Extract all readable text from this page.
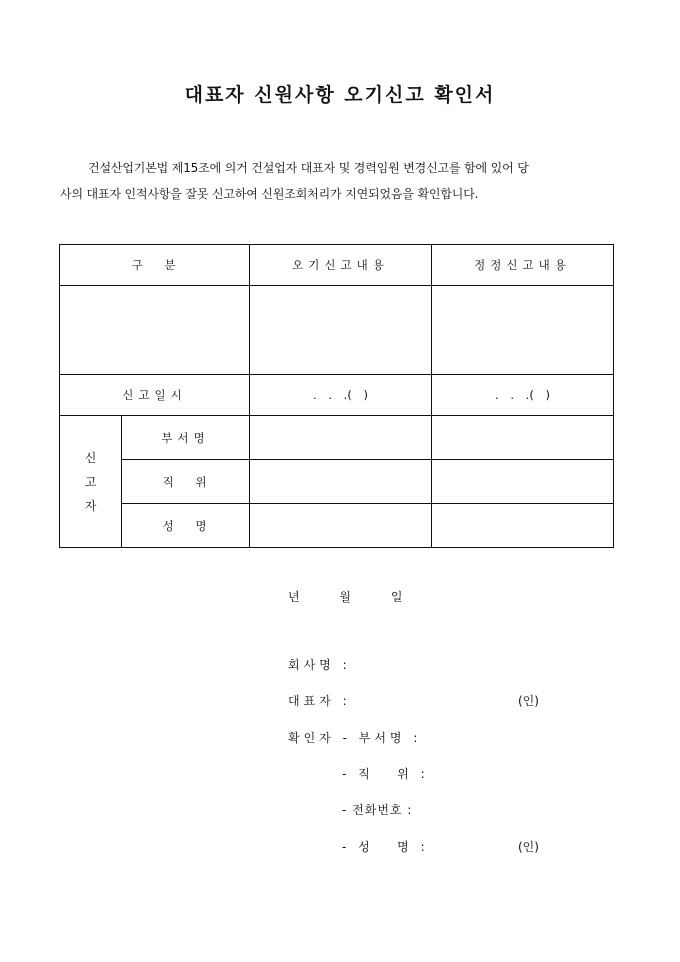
대표자 신원사항 오기신고 확인서
건설산업기본법 제15조에 의거 건설업자 대표자 및 경력임원 변경신고를 함에 있어 당
사의 대표자 인적사항을 잘못 신고하여 신원조회처리가 지연되었음을 확인합니다.
구 분		오기신고내용	정정신고내용

신고일시		. . .( )	. . .( )

신
고
자	부서명		
	직 위		
	성 명		
년 월 일
회사명 :
대표자 :	(인)
확인자 - 부서명 :
- 직   위 :
- 전화번호 :
- 성   명 :	(인)
